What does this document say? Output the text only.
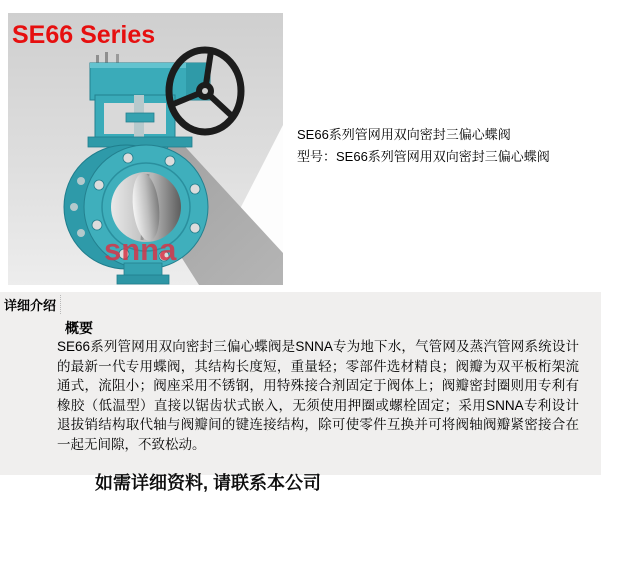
snna
SE66 Series
SE66系列管网用双向密封三偏心蝶阀
型号：SE66系列管网用双向密封三偏心蝶阀
详细介绍
概要
SE66系列管网用双向密封三偏心蝶阀是SNNA专为地下水，气管网及蒸汽管网系统设计的最新一代专用蝶阀，其结构长度短，重量轻；零部件选材精良；阀瓣为双平板桁架流通式，流阻小；阀座采用不锈钢，用特殊接合剂固定于阀体上；阀瓣密封圈则用专利有橡胶（低温型）直接以锯齿状式嵌入，无须使用押圈或螺栓固定；采用SNNA专利设计退拔销结构取代轴与阀瓣间的键连接结构，除可使零件互换并可将阀轴阀瓣紧密接合在一起无间隙，不致松动。
如需详细资料, 请联系本公司
